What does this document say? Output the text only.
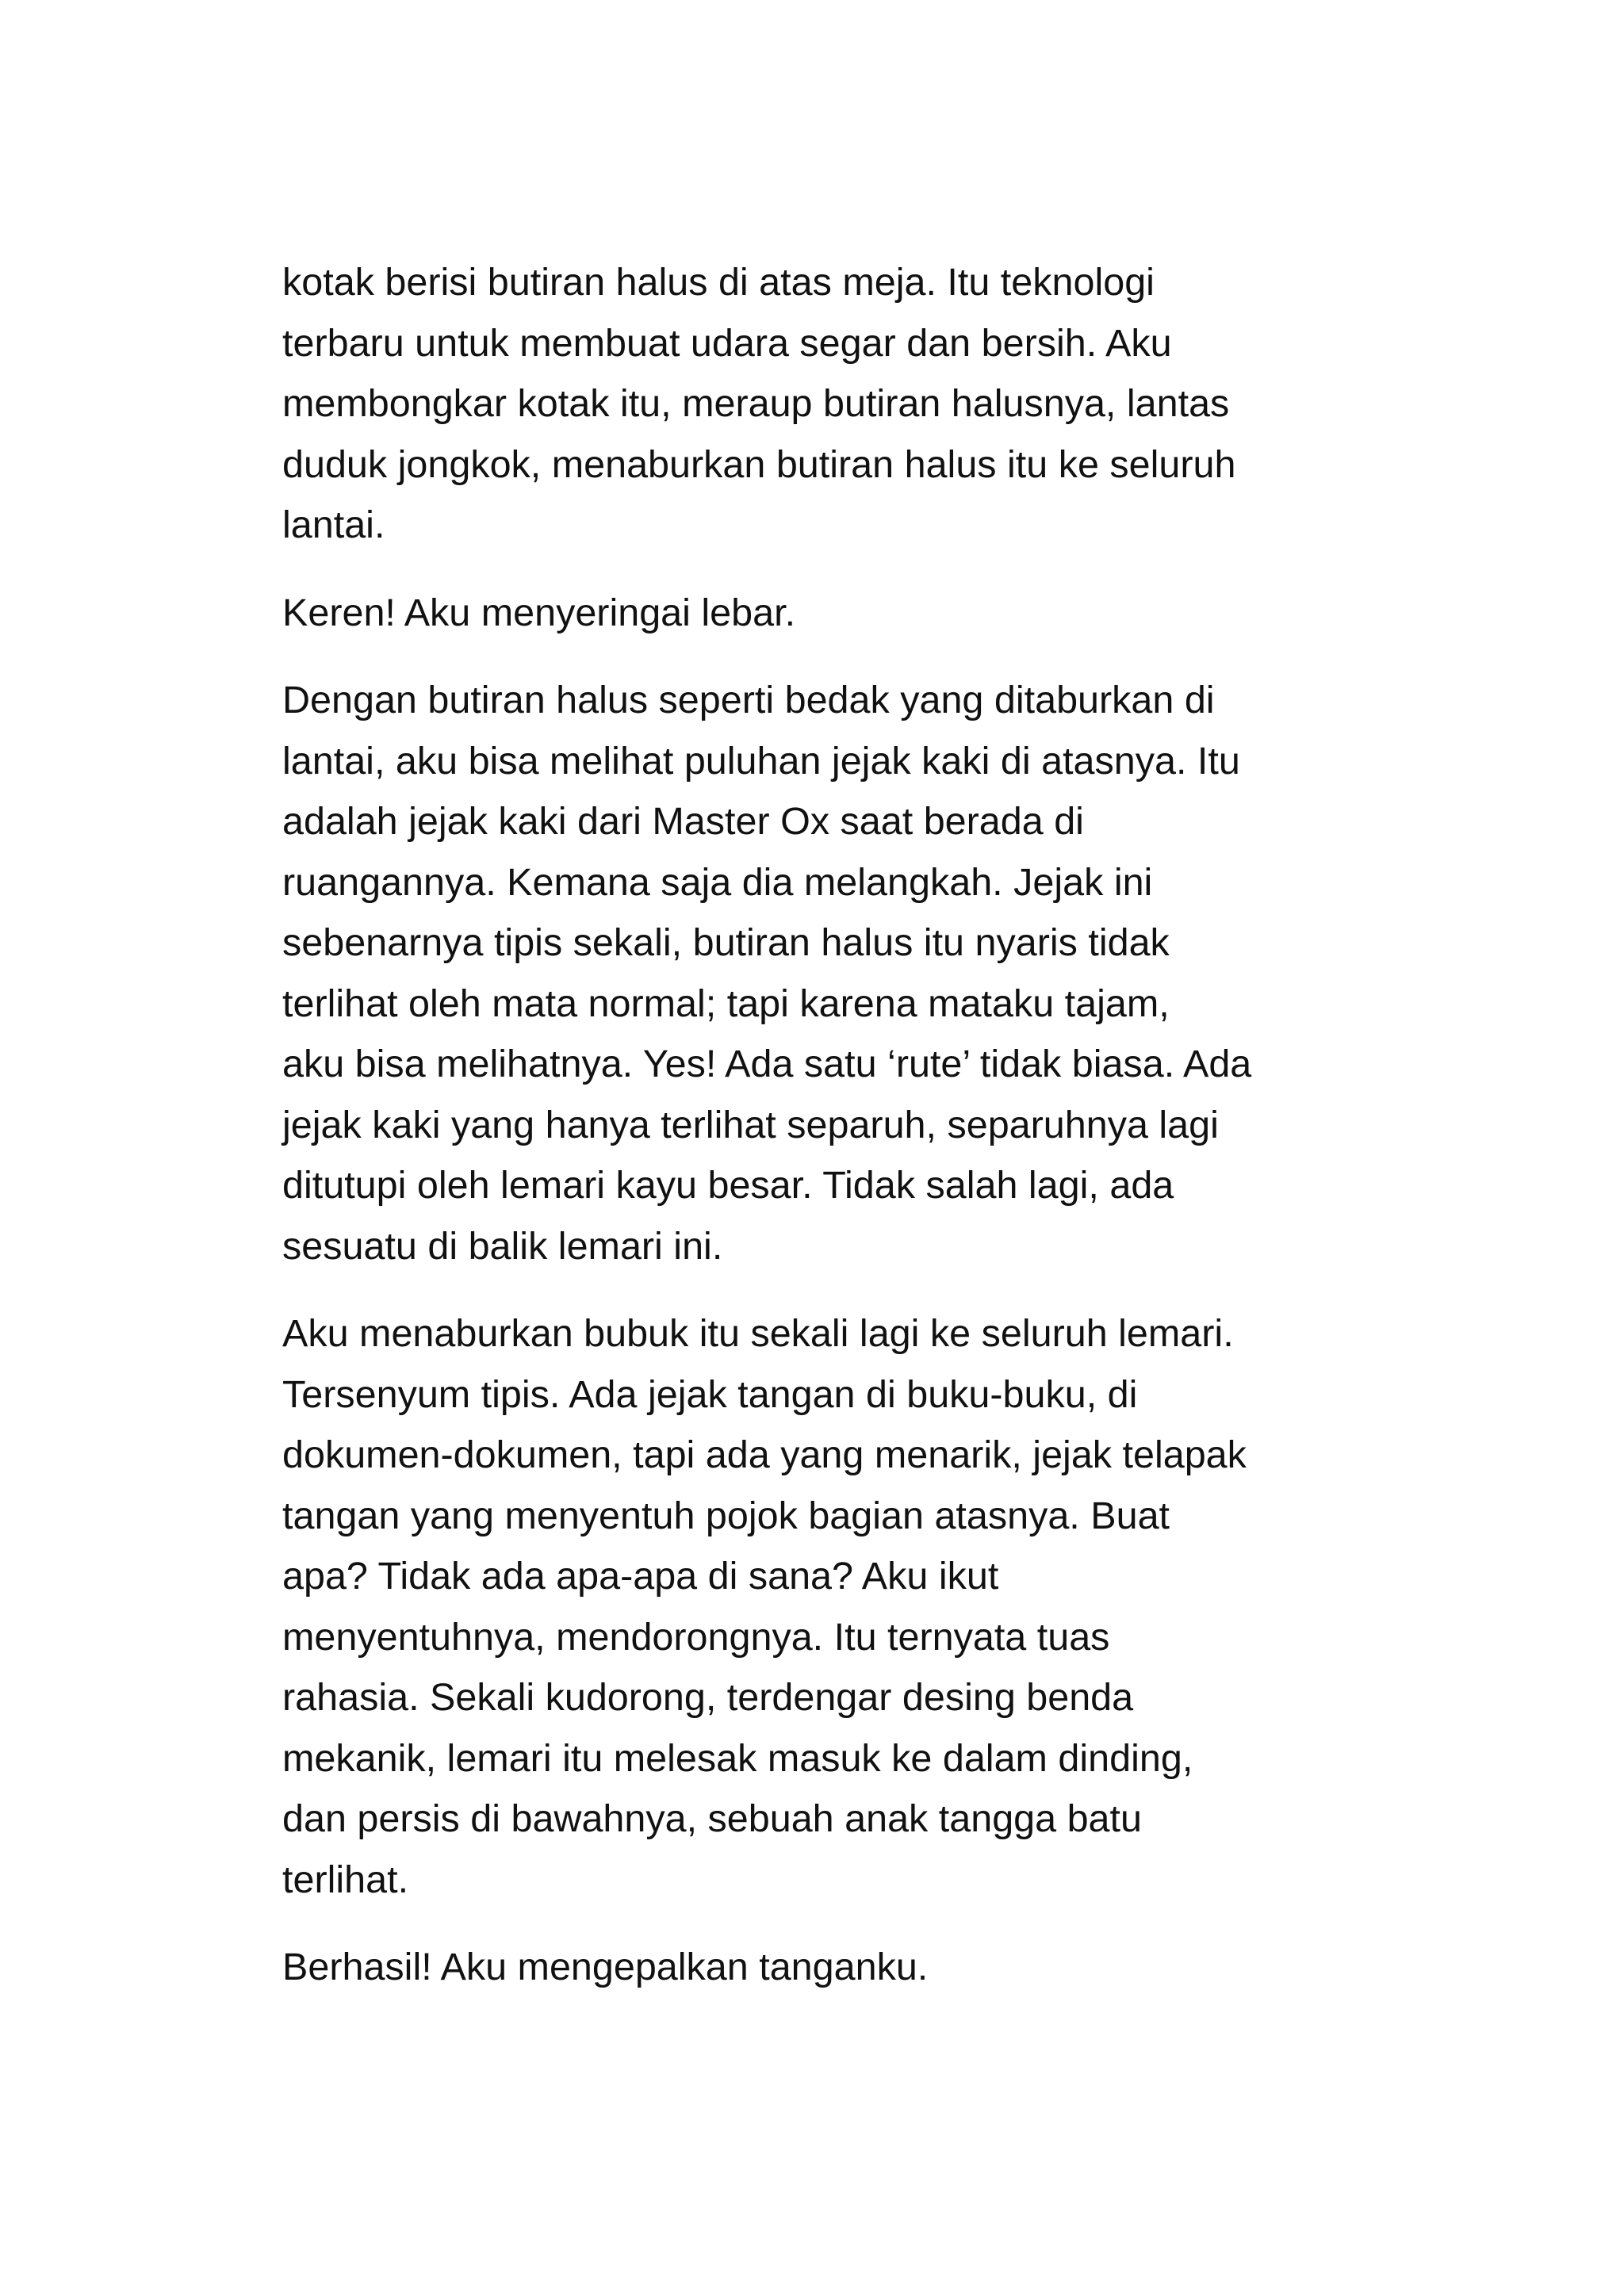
kotak berisi butiran halus di atas meja. Itu teknologi
terbaru untuk membuat udara segar dan bersih. Aku
membongkar kotak itu, meraup butiran halusnya, lantas
duduk jongkok, menaburkan butiran halus itu ke seluruh
lantai.

Keren! Aku menyeringai lebar.

Dengan butiran halus seperti bedak yang ditaburkan di
lantai, aku bisa melihat puluhan jejak kaki di atasnya. Itu
adalah jejak kaki dari Master Ox saat berada di
ruangannya. Kemana saja dia melangkah. Jejak ini
sebenarnya tipis sekali, butiran halus itu nyaris tidak
terlihat oleh mata normal; tapi karena mataku tajam,
aku bisa melihatnya. Yes! Ada satu ‘rute’ tidak biasa. Ada
jejak kaki yang hanya terlihat separuh, separuhnya lagi
ditutupi oleh lemari kayu besar. Tidak salah lagi, ada
sesuatu di balik lemari ini.

Aku menaburkan bubuk itu sekali lagi ke seluruh lemari.
Tersenyum tipis. Ada jejak tangan di buku-buku, di
dokumen-dokumen, tapi ada yang menarik, jejak telapak
tangan yang menyentuh pojok bagian atasnya. Buat
apa? Tidak ada apa-apa di sana? Aku ikut
menyentuhnya, mendorongnya. Itu ternyata tuas
rahasia. Sekali kudorong, terdengar desing benda
mekanik, lemari itu melesak masuk ke dalam dinding,
dan persis di bawahnya, sebuah anak tangga batu
terlihat.

Berhasil! Aku mengepalkan tanganku.
